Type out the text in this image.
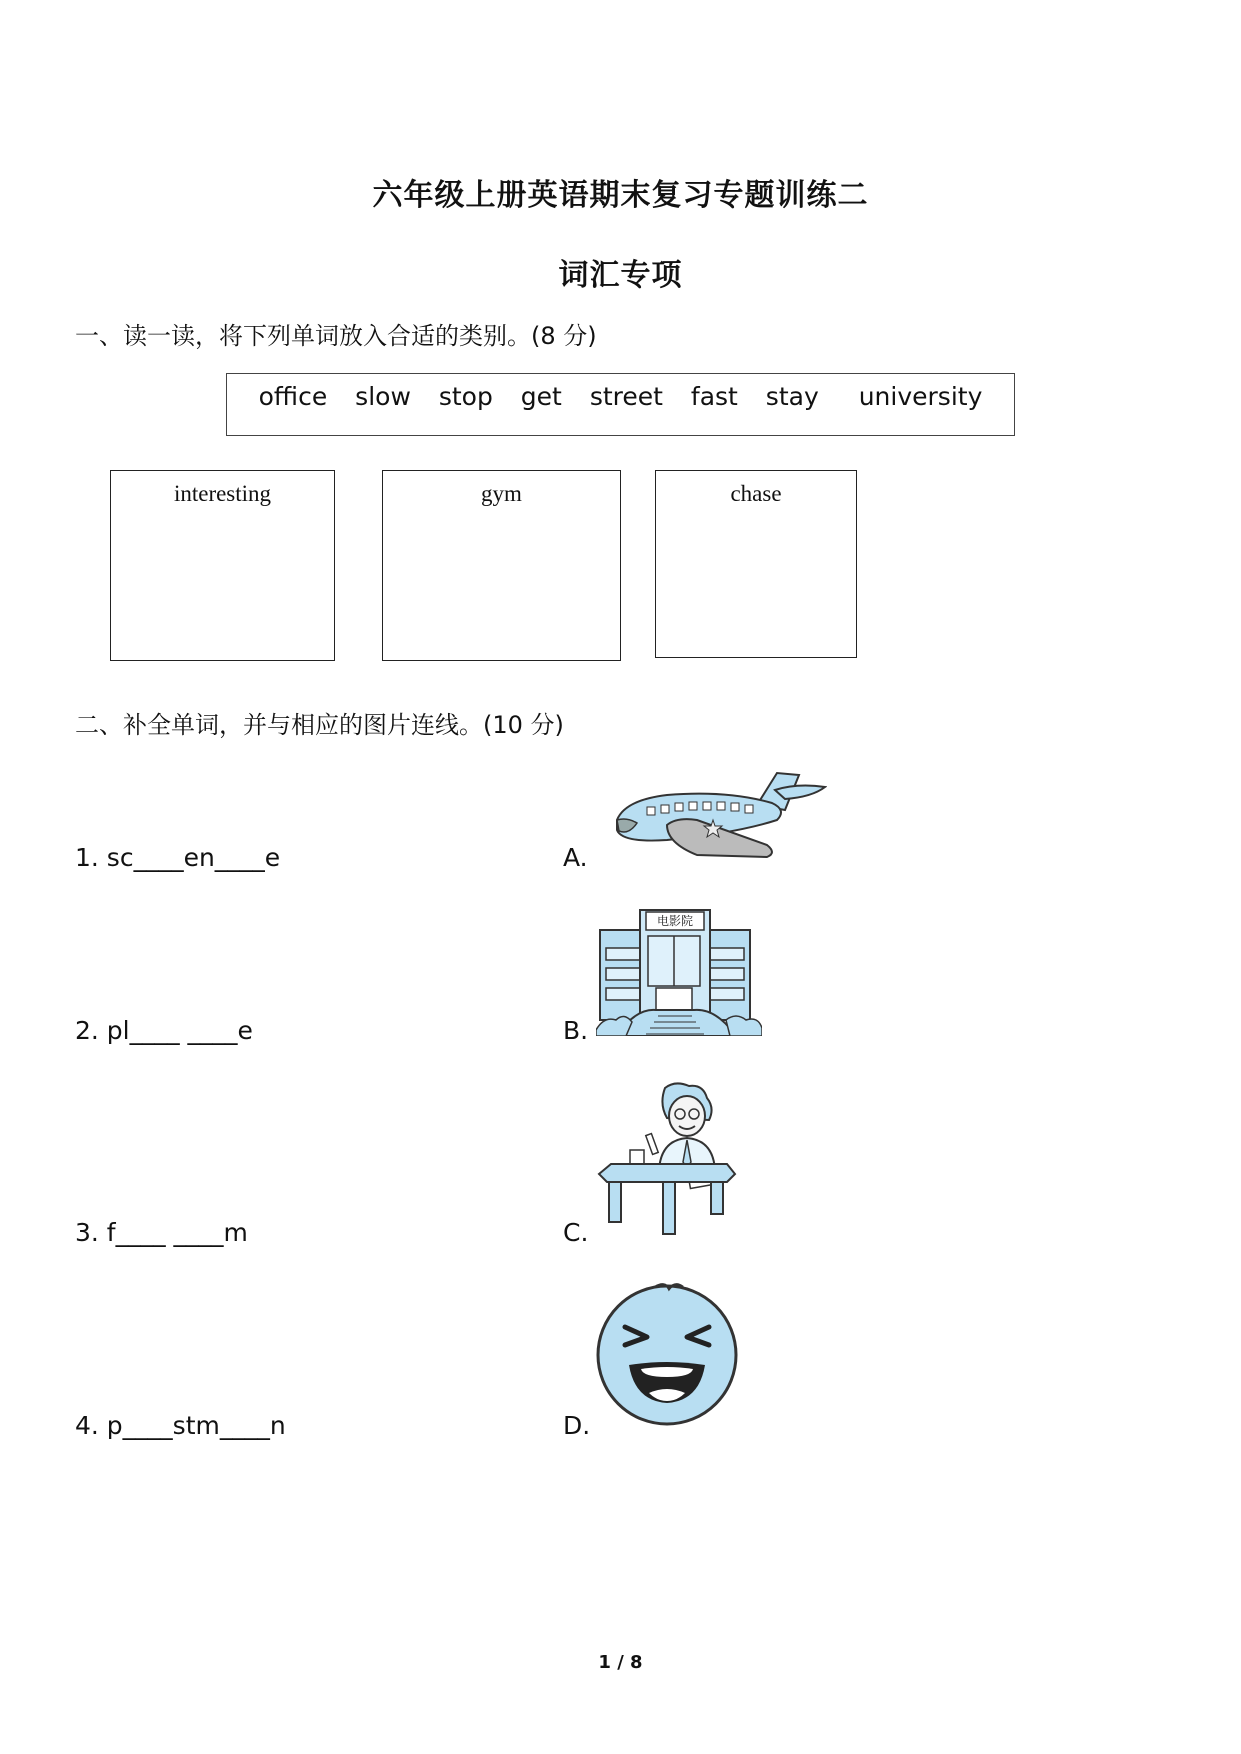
六年级上册英语期末复习专题训练二
词汇专项
一、读一读，将下列单词放入合适的类别。(8 分)
office slow stop get street fast stay university
interesting	gym	chase
二、补全单词，并与相应的图片连线。(10 分)
1. sc____en____e
2. pl____ ____e
3. f____ ____m
4. p____stm____n
A.
B.
C.
D.
电影院
1 / 8
